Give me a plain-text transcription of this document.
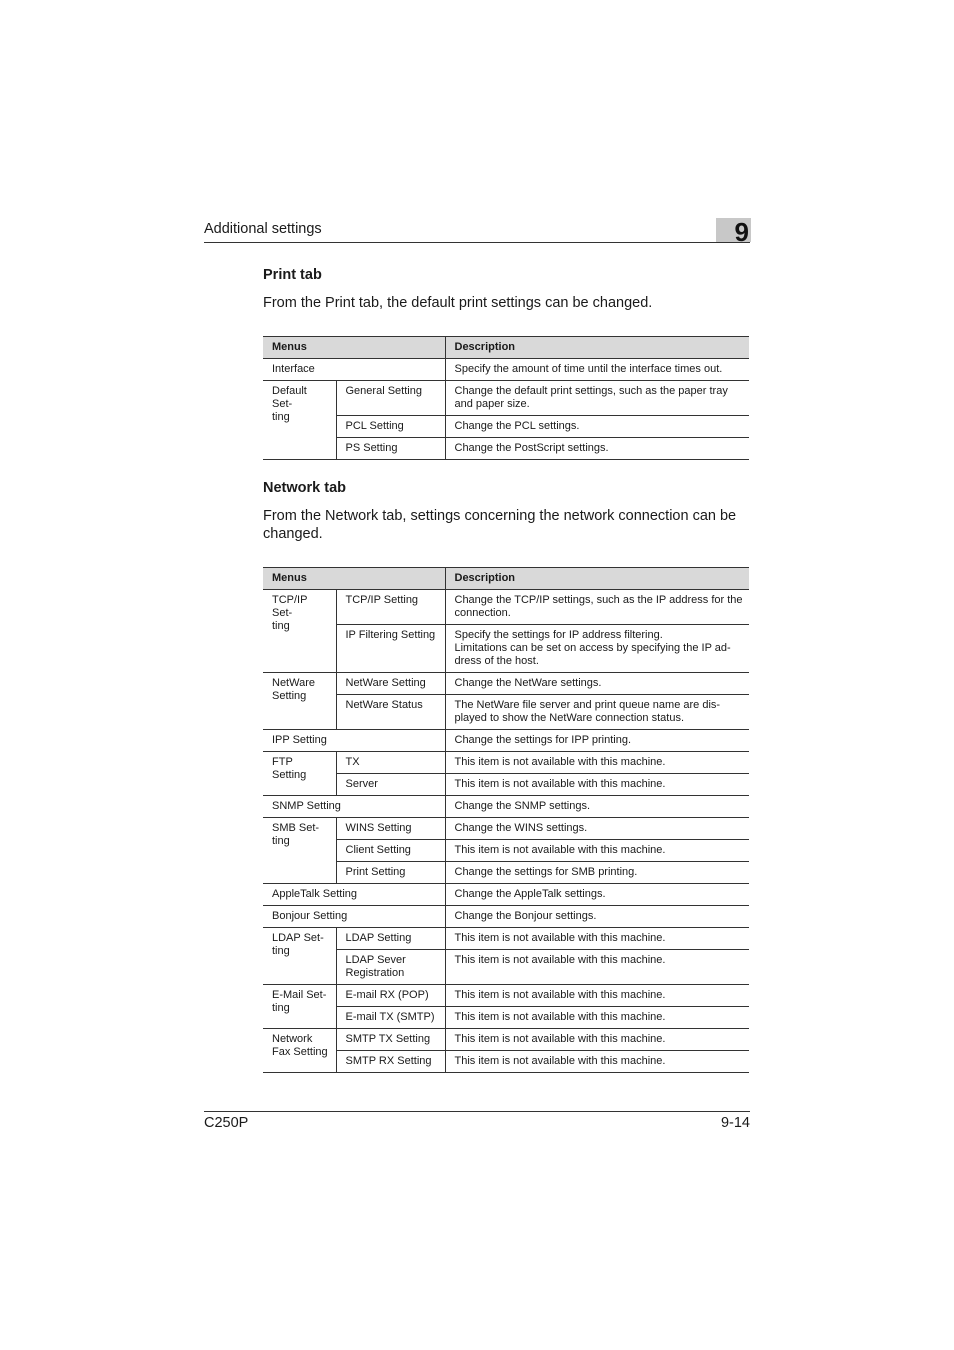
Additional settings	9
Print tab

From the Print tab, the default print settings can be changed.

Menus		Description
Interface		Specify the amount of time until the interface times out.
Default Set-
ting	General Setting	Change the default print settings, such as the paper tray
and paper size.
	PCL Setting	Change the PCL settings.
	PS Setting	Change the PostScript settings.
Network tab

From the Network tab, settings concerning the network connection can be changed.

Menus		Description
TCP/IP Set-
ting	TCP/IP Setting	Change the TCP/IP settings, such as the IP address for the
connection.
	IP Filtering Setting	Specify the settings for IP address filtering.
Limitations can be set on access by specifying the IP ad-
dress of the host.
NetWare
Setting	NetWare Setting	Change the NetWare settings.
	NetWare Status	The NetWare file server and print queue name are dis-
played to show the NetWare connection status.
IPP Setting		Change the settings for IPP printing.
FTP Setting	TX	This item is not available with this machine.
	Server	This item is not available with this machine.
SNMP Setting		Change the SNMP settings.
SMB Set-
ting	WINS Setting	Change the WINS settings.
	Client Setting	This item is not available with this machine.
	Print Setting	Change the settings for SMB printing.
AppleTalk Setting		Change the AppleTalk settings.
Bonjour Setting		Change the Bonjour settings.
LDAP Set-
ting	LDAP Setting	This item is not available with this machine.
	LDAP Sever
Registration	This item is not available with this machine.
E-Mail Set-
ting	E-mail RX (POP)	This item is not available with this machine.
	E-mail TX (SMTP)	This item is not available with this machine.
Network
Fax Setting	SMTP TX Setting	This item is not available with this machine.
	SMTP RX Setting	This item is not available with this machine.
C250P	9-14
